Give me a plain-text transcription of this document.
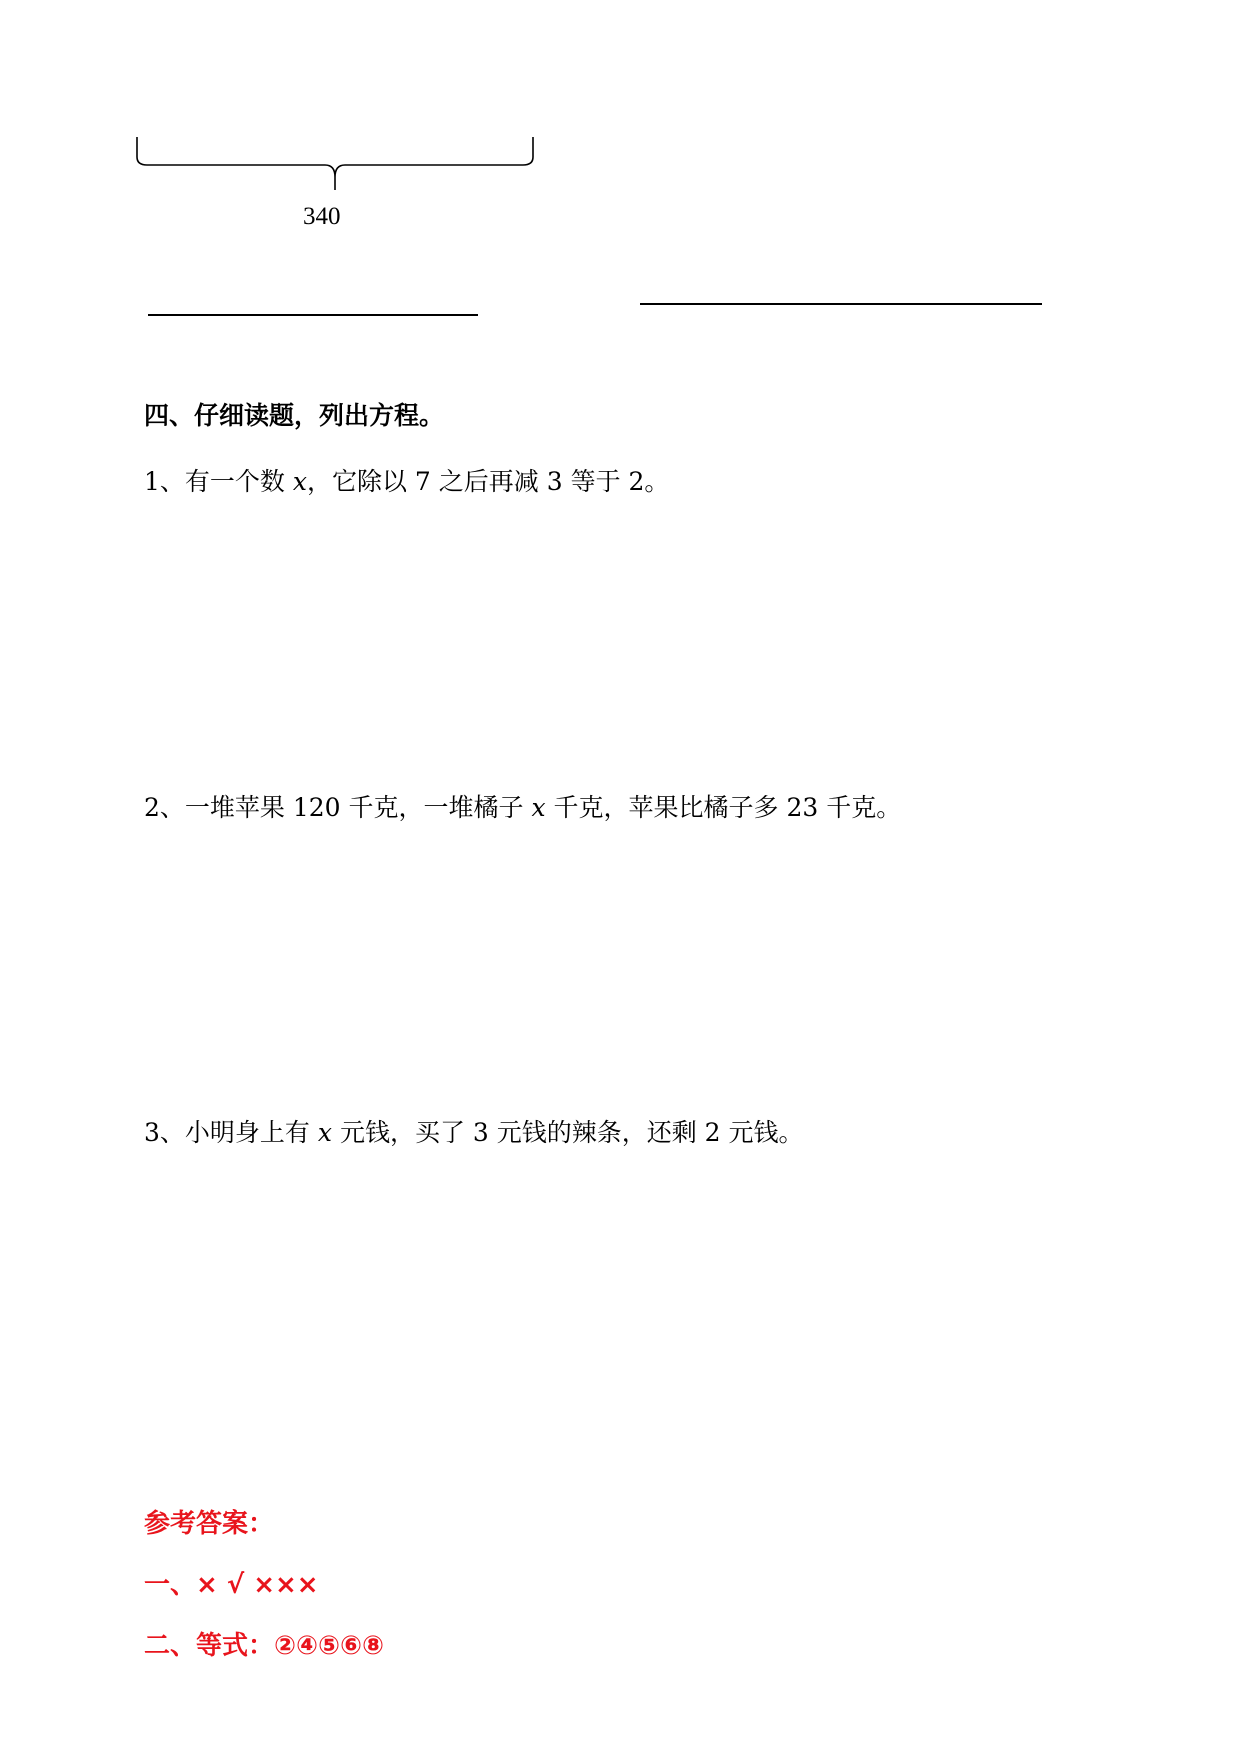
340
四、仔细读题，列出方程。
1、有一个数 x，它除以 7 之后再减 3 等于 2。
2、一堆苹果 120 千克，一堆橘子 x 千克，苹果比橘子多 23 千克。
3、小明身上有 x 元钱，买了 3 元钱的辣条，还剩 2 元钱。
参考答案：
一、× √ ×××
二、等式：②④⑤⑥⑧
